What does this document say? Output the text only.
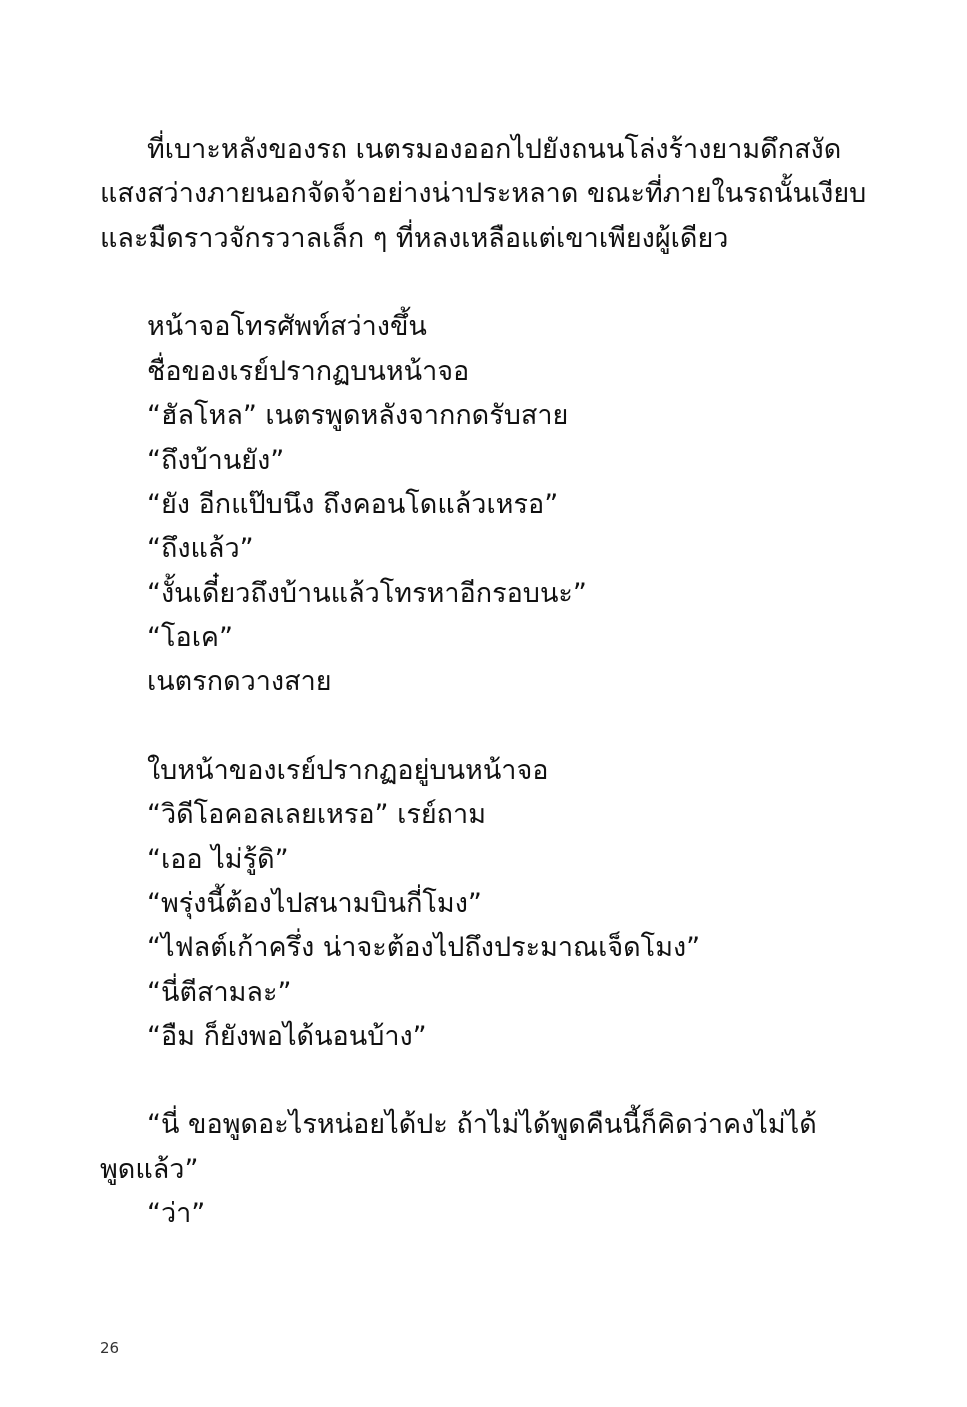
ที่เบาะหลังของรถ เนตรมองออกไปยังถนนโล่งร้างยามดึกสงัด
แสงสว่างภายนอกจัดจ้าอย่างน่าประหลาด ขณะที่ภายในรถนั้นเงียบ
และมืดราวจักรวาลเล็ก ๆ ที่หลงเหลือแต่เขาเพียงผู้เดียว
หน้าจอโทรศัพท์สว่างขึ้น
ชื่อของเรย์ปรากฏบนหน้าจอ
“ฮัลโหล” เนตรพูดหลังจากกดรับสาย
“ถึงบ้านยัง”
“ยัง อีกแป๊บนึง ถึงคอนโดแล้วเหรอ”
“ถึงแล้ว”
“งั้นเดี๋ยวถึงบ้านแล้วโทรหาอีกรอบนะ”
“โอเค”
เนตรกดวางสาย
ใบหน้าของเรย์ปรากฏอยู่บนหน้าจอ
“วิดีโอคอลเลยเหรอ” เรย์ถาม
“เออ ไม่รู้ดิ”
“พรุ่งนี้ต้องไปสนามบินกี่โมง”
“ไฟลต์เก้าครึ่ง น่าจะต้องไปถึงประมาณเจ็ดโมง”
“นี่ตีสามละ”
“อืม ก็ยังพอได้นอนบ้าง”
“นี่ ขอพูดอะไรหน่อยได้ปะ ถ้าไม่ได้พูดคืนนี้ก็คิดว่าคงไม่ได้
พูดแล้ว”
“ว่า”
26
